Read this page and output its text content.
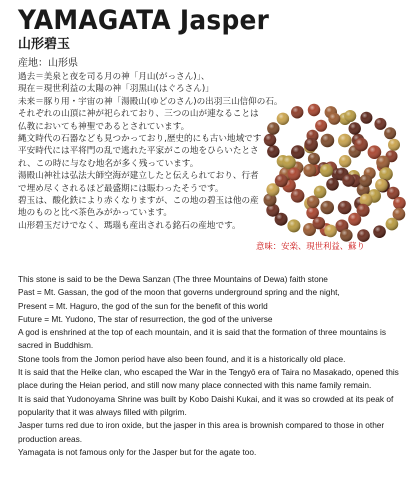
YAMAGATA Jasper
山形碧玉
産地：山形県
過去＝美泉と夜を司る月の神「月山(がっさん)」、
現在＝現世利益の太陽の神「羽黒山(はぐろさん)」
未来＝豚り用・宇宙の神「湯殿山(ゆどのさん)の出羽三山信仰の石。
それぞれの山頂に神が祀られており、三つの山が連なることは
仏教においても神聖であるとされています。
縄文時代の石器なども見つかっており,歴史的にも古い地域です
平安時代には平将門の乱で逃れた平家がこの地をひらいたとさ
れ、この時に与なむ地名が多く残っています。
湯殿山神社は弘法大師空海が建立したと伝えられており、行者
で埋め尽くされるほど最盛期には賑わったそうです。
碧玉は、酸化鉄により赤くなりますが、この地の碧玉は他の産
地のものと比べ茶色みがかっています。
山形碧玉だけでなく、瑪瑙も産出される銘石の産地です。
意味：安楽、現世利益、蘇り
This stone is said to be the Dewa Sanzan (The three Mountains of Dewa) faith stone
Past = Mt. Gassan, the god of the moon that governs underground spring and the night,
Present = Mt. Haguro, the god of the sun for the benefit of this world
Future = Mt. Yudono, The star of resurrection, the god of the universe
A god is enshrined at the top of each mountain, and it is said that the formation of three mountains is
sacred in Buddhism.
Stone tools from the Jomon period have also been found, and it is a historically old place.
It is said that the Heike clan, who escaped the War in the Tengyō era of Taira no Masakado, opened this
place during the Heian period, and still now many place connected with this name family remain.
It is said that Yudonoyama Shrine was built by Kobo Daishi Kukai, and it was so crowded at its peak of
popularity that it was always filled with pilgrim.
Jasper turns red due to iron oxide, but the jasper in this area is brownish compared to those in other
production areas.
Yamagata is not famous only for the Jasper but for the agate too.
